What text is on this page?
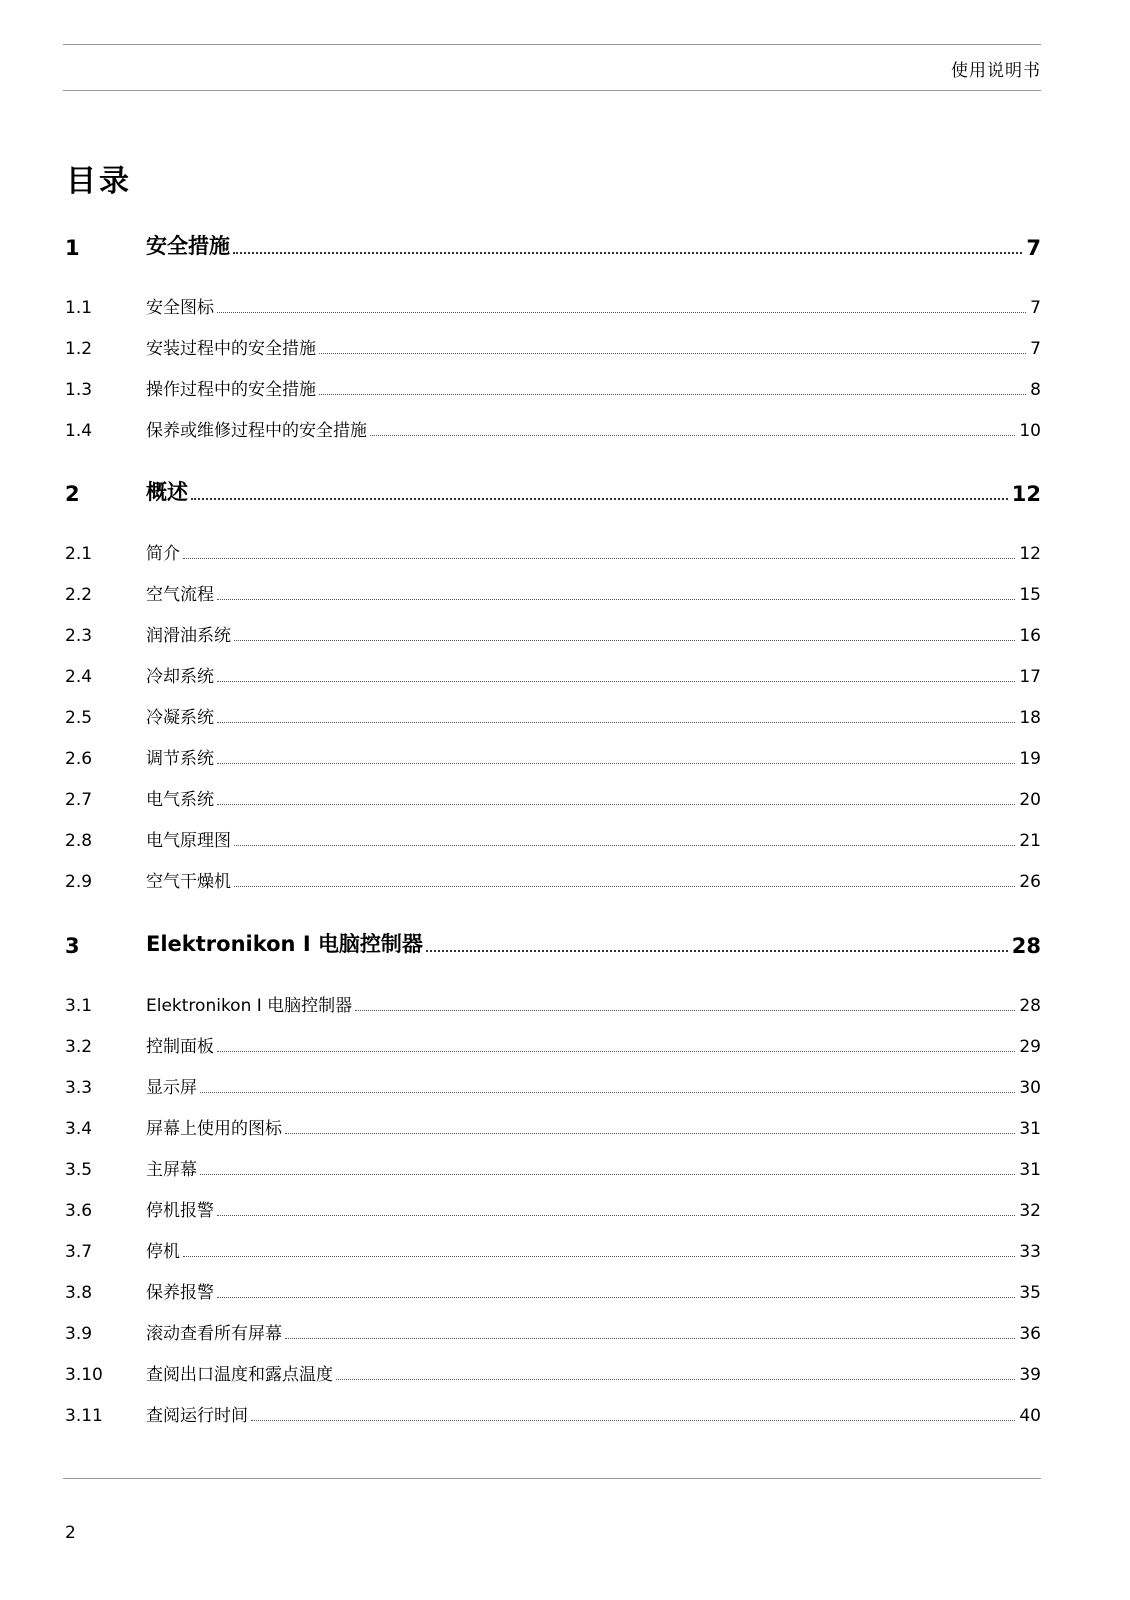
使用说明书
目录
1	安全措施	7
1.1	安全图标	7
1.2	安装过程中的安全措施	7
1.3	操作过程中的安全措施	8
1.4	保养或维修过程中的安全措施	10
2	概述	12
2.1	简介	12
2.2	空气流程	15
2.3	润滑油系统	16
2.4	冷却系统	17
2.5	冷凝系统	18
2.6	调节系统	19
2.7	电气系统	20
2.8	电气原理图	21
2.9	空气干燥机	26
3	Elektronikon I 电脑控制器	28
3.1	Elektronikon I 电脑控制器	28
3.2	控制面板	29
3.3	显示屏	30
3.4	屏幕上使用的图标	31
3.5	主屏幕	31
3.6	停机报警	32
3.7	停机	33
3.8	保养报警	35
3.9	滚动查看所有屏幕	36
3.10	查阅出口温度和露点温度	39
3.11	查阅运行时间	40
2
